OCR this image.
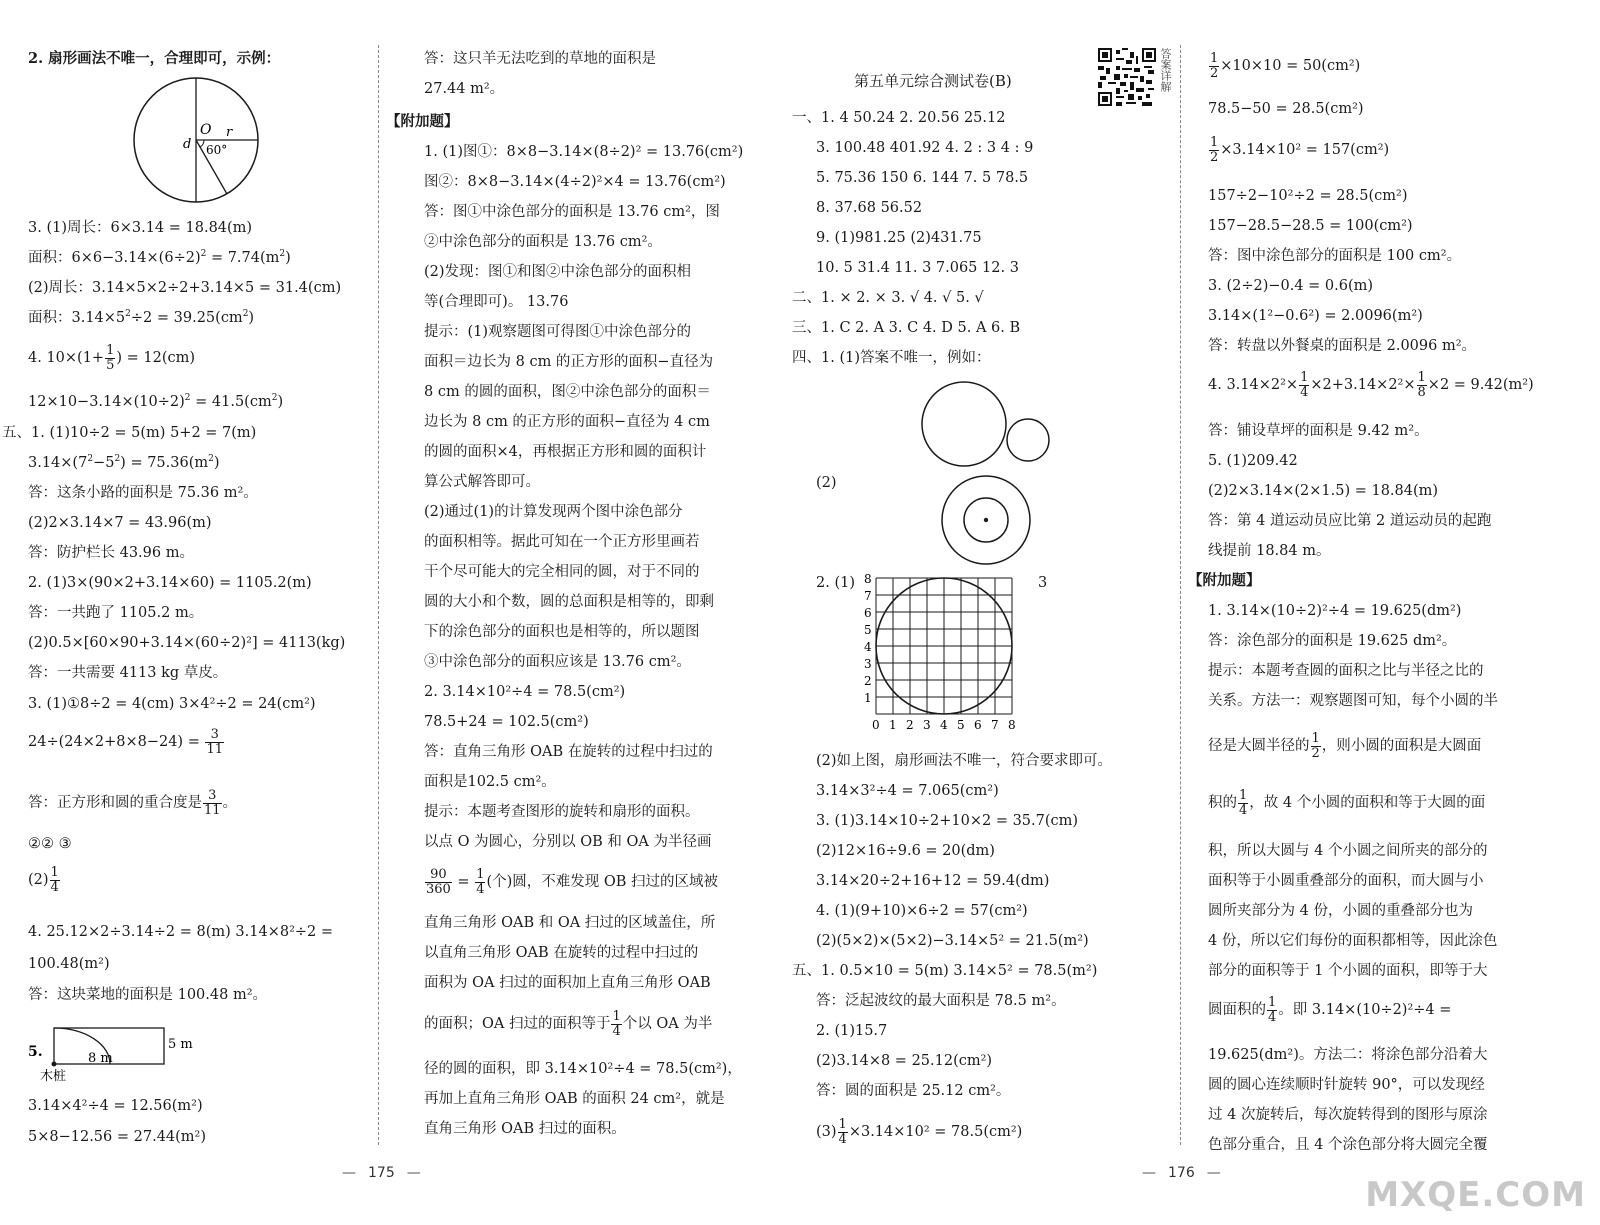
2. 扇形画法不唯一，合理即可，示例：
O r
d 60°
3. (1)周长：6×3.14 = 18.84(m)
面积：$6\times 6-3.14\times(6\div 2)^2 = 7.74(m^2)$
(2)周长：3.14×5×2÷2+3.14×5 = 31.4(cm)
面积：$3.14\times 5^2\div 2 = 39.25(cm^2)$
4. $10\times(1+ \frac{1}{5}$ ) = 12(cm)
$12\times 10-3.14\times(10\div 2)^2 = 41.5(cm^2)$
五、1. (1)10÷2 = 5(m) 5+2 = 7(m)
$3.14\times(7^2-5^2) = 75.36(m^2)$
答：这条小路的面积是 75.36 m²。
(2)2×3.14×7 = 43.96(m)
答：防护栏长 43.96 m。
2. (1)3×(90×2+3.14×60) = 1105.2(m)
答：一共跑了 1105.2 m。
(2)0.5×[60×90+3.14×(60÷2)²] = 4113(kg)
答：一共需要 4113 kg 草皮。
3. (1)①8÷2 = 4(cm) 3×4²÷2 = 24(cm²)
$24\div(24\times 2+8\times 8-24) = \frac{3}{11}$
答：正方形和圆的重合度是 $\frac{3}{11}$ 。
②② ③
$(2) \frac{1}{4}$
4. 25.12×2÷3.14÷2 = 8(m) 3.14×8²÷2 =
100.48(m²)
答：这块菜地的面积是 100.48 m²。
5.	8 m
5 m
木桩
3.14×4²÷4 = 12.56(m²)
5×8−12.56 = 27.44(m²)
答：这只羊无法吃到的草地的面积是
27.44 m²。
【附加题】
1. (1)图①：8×8−3.14×(8÷2)² = 13.76(cm²)
图②：8×8−3.14×(4÷2)²×4 = 13.76(cm²)
答：图①中涂色部分的面积是 13.76 cm²，图
②中涂色部分的面积是 13.76 cm²。
(2)发现：图①和图②中涂色部分的面积相
等(合理即可)。 13.76
提示：(1)观察题图可得图①中涂色部分的
面积＝边长为 8 cm 的正方形的面积−直径为
8 cm 的圆的面积，图②中涂色部分的面积＝
边长为 8 cm 的正方形的面积−直径为 4 cm
的圆的面积×4，再根据正方形和圆的面积计
算公式解答即可。
(2)通过(1)的计算发现两个图中涂色部分
的面积相等。据此可知在一个正方形里画若
干个尽可能大的完全相同的圆，对于不同的
圆的大小和个数，圆的总面积是相等的，即剩
下的涂色部分的面积也是相等的，所以题图
③中涂色部分的面积应该是 13.76 cm²。
2. 3.14×10²÷4 = 78.5(cm²)
78.5+24 = 102.5(cm²)
答：直角三角形 OAB 在旋转的过程中扫过的
面积是102.5 cm²。
提示：本题考查图形的旋转和扇形的面积。
以点 O 为圆心，分别以 OB 和 OA 为半径画
$\frac{90}{360} = \frac{1}{4}$ (个)圆，不难发现 OB 扫过的区域被
直角三角形 OAB 和 OA 扫过的区域盖住，所
以直角三角形 OAB 在旋转的过程中扫过的
面积为 OA 扫过的面积加上直角三角形 OAB
的面积；OA 扫过的面积等于 $\frac{1}{4}$ 个以 OA 为半
径的圆的面积，即 3.14×10²÷4 = 78.5(cm²)，
再加上直角三角形 OAB 的面积 24 cm²，就是
直角三角形 OAB 扫过的面积。
— 175 —
第五单元综合测试卷(B)	答案详解
一、1. 4 50.24 2. 20.56 25.12
3. 100.48 401.92 4. 2 : 3 4 : 9
5. 75.36 150 6. 144 7. 5 78.5
8. 37.68 56.52
9. (1)981.25 (2)431.75
10. 5 31.4 11. 3 7.065 12. 3
二、1. × 2. × 3. √ 4. √ 5. √
三、1. C 2. A 3. C 4. D 5. A 6. B
四、1. (1)答案不唯一，例如：
(2)
2. (1)	3
1
2
3
4
5
6
7
8
0 1 2 3 4 5 6 7 8
(2)如上图，扇形画法不唯一，符合要求即可。
3.14×3²÷4 = 7.065(cm²)
3. (1)3.14×10÷2+10×2 = 35.7(cm)
(2)12×16÷9.6 = 20(dm)
3.14×20÷2+16+12 = 59.4(dm)
4. (1)(9+10)×6÷2 = 57(cm²)
(2)(5×2)×(5×2)−3.14×5² = 21.5(m²)
五、1. 0.5×10 = 5(m) 3.14×5² = 78.5(m²)
答：泛起波纹的最大面积是 78.5 m²。
2. (1)15.7
(2)3.14×8 = 25.12(cm²)
答：圆的面积是 25.12 cm²。
$(3) \frac{1}{4} \times 3.14\times 10^2 = 78.5(cm^2)$
$\frac{1}{2} \times 10\times 10 = 50(cm^2)$
78.5−50 = 28.5(cm²)
$\frac{1}{2} \times 3.14\times 10^2 = 157(cm^2)$
157÷2−10²÷2 = 28.5(cm²)
157−28.5−28.5 = 100(cm²)
答：图中涂色部分的面积是 100 cm²。
3. (2÷2)−0.4 = 0.6(m)
3.14×(1²−0.6²) = 2.0096(m²)
答：转盘以外餐桌的面积是 2.0096 m²。
4. $3.14\times 2^2\times \frac{1}{4} \times 2+3.14\times 2^2\times \frac{1}{8} \times 2 = 9.42(m^2)$
答：铺设草坪的面积是 9.42 m²。
5. (1)209.42
(2)2×3.14×(2×1.5) = 18.84(m)
答：第 4 道运动员应比第 2 道运动员的起跑
线提前 18.84 m。
【附加题】
1. 3.14×(10÷2)²÷4 = 19.625(dm²)
答：涂色部分的面积是 19.625 dm²。
提示：本题考查圆的面积之比与半径之比的
关系。方法一：观察题图可知，每个小圆的半
径是大圆半径的 $\frac{1}{2}$ ，则小圆的面积是大圆面
积的 $\frac{1}{4}$ ，故 4 个小圆的面积和等于大圆的面
积，所以大圆与 4 个小圆之间所夹的部分的
面积等于小圆重叠部分的面积，而大圆与小
圆所夹部分为 4 份，小圆的重叠部分也为
4 份，所以它们每份的面积都相等，因此涂色
部分的面积等于 1 个小圆的面积，即等于大
圆面积的 $\frac{1}{4}$ 。即 3.14×(10÷2)²÷4 =
19.625(dm²)。方法二：将涂色部分沿着大
圆的圆心连续顺时针旋转 90°，可以发现经
过 4 次旋转后，每次旋转得到的图形与原涂
色部分重合，且 4 个涂色部分将大圆完全覆
— 176 —
MXQE.COM
